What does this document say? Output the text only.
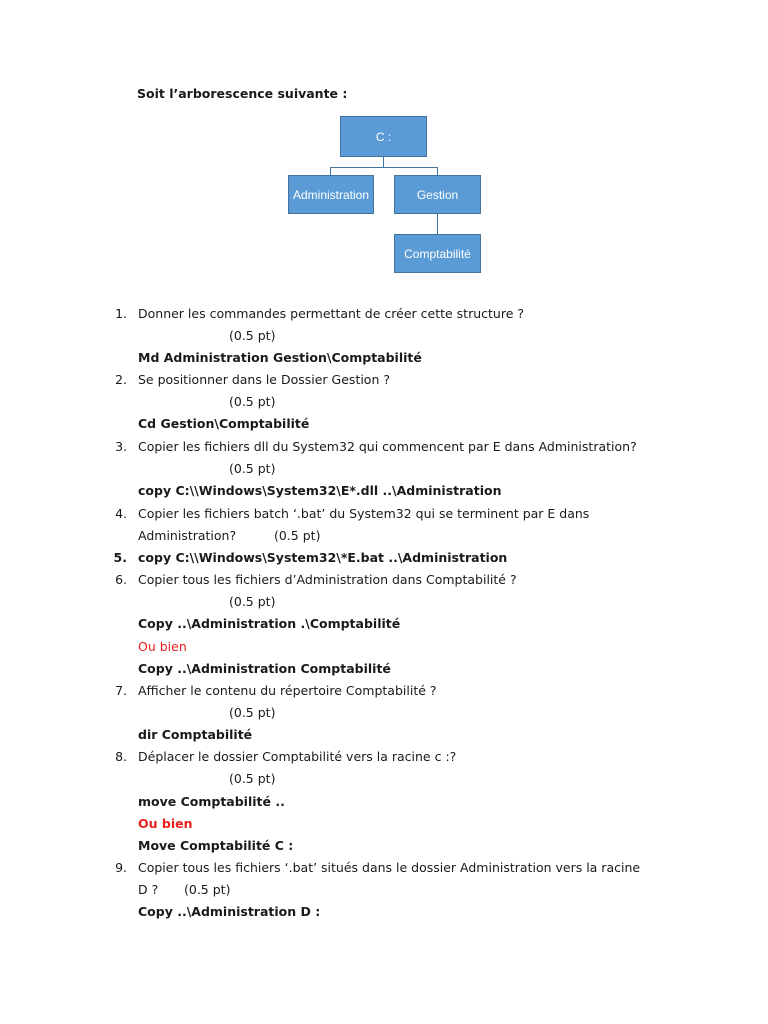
Soit l’arborescence suivante :
C :
Administration	Gestion
Comptabilité
1. Donner les commandes permettant de créer cette structure ?
(0.5 pt)
Md Administration Gestion\Comptabilité
2. Se positionner dans le Dossier Gestion ?
(0.5 pt)
Cd Gestion\Comptabilité
3. Copier les fichiers dll du System32 qui commencent par E dans Administration?
(0.5 pt)
copy C:\\Windows\System32\E*.dll ..\Administration
4. Copier les fichiers batch ‘.bat’ du System32 qui se terminent par E dans
Administration?	(0.5 pt)
5. copy C:\\Windows\System32\*E.bat ..\Administration
6. Copier tous les fichiers d’Administration dans Comptabilité ?
(0.5 pt)
Copy ..\Administration .\Comptabilité
Ou bien
Copy ..\Administration Comptabilité
7. Afficher le contenu du répertoire Comptabilité ?
(0.5 pt)
dir Comptabilité
8. Déplacer le dossier Comptabilité vers la racine c :?
(0.5 pt)
move Comptabilité ..
Ou bien
Move Comptabilité C :
9. Copier tous les fichiers ‘.bat’ situés dans le dossier Administration vers la racine
D ? (0.5 pt)
Copy ..\Administration D :
